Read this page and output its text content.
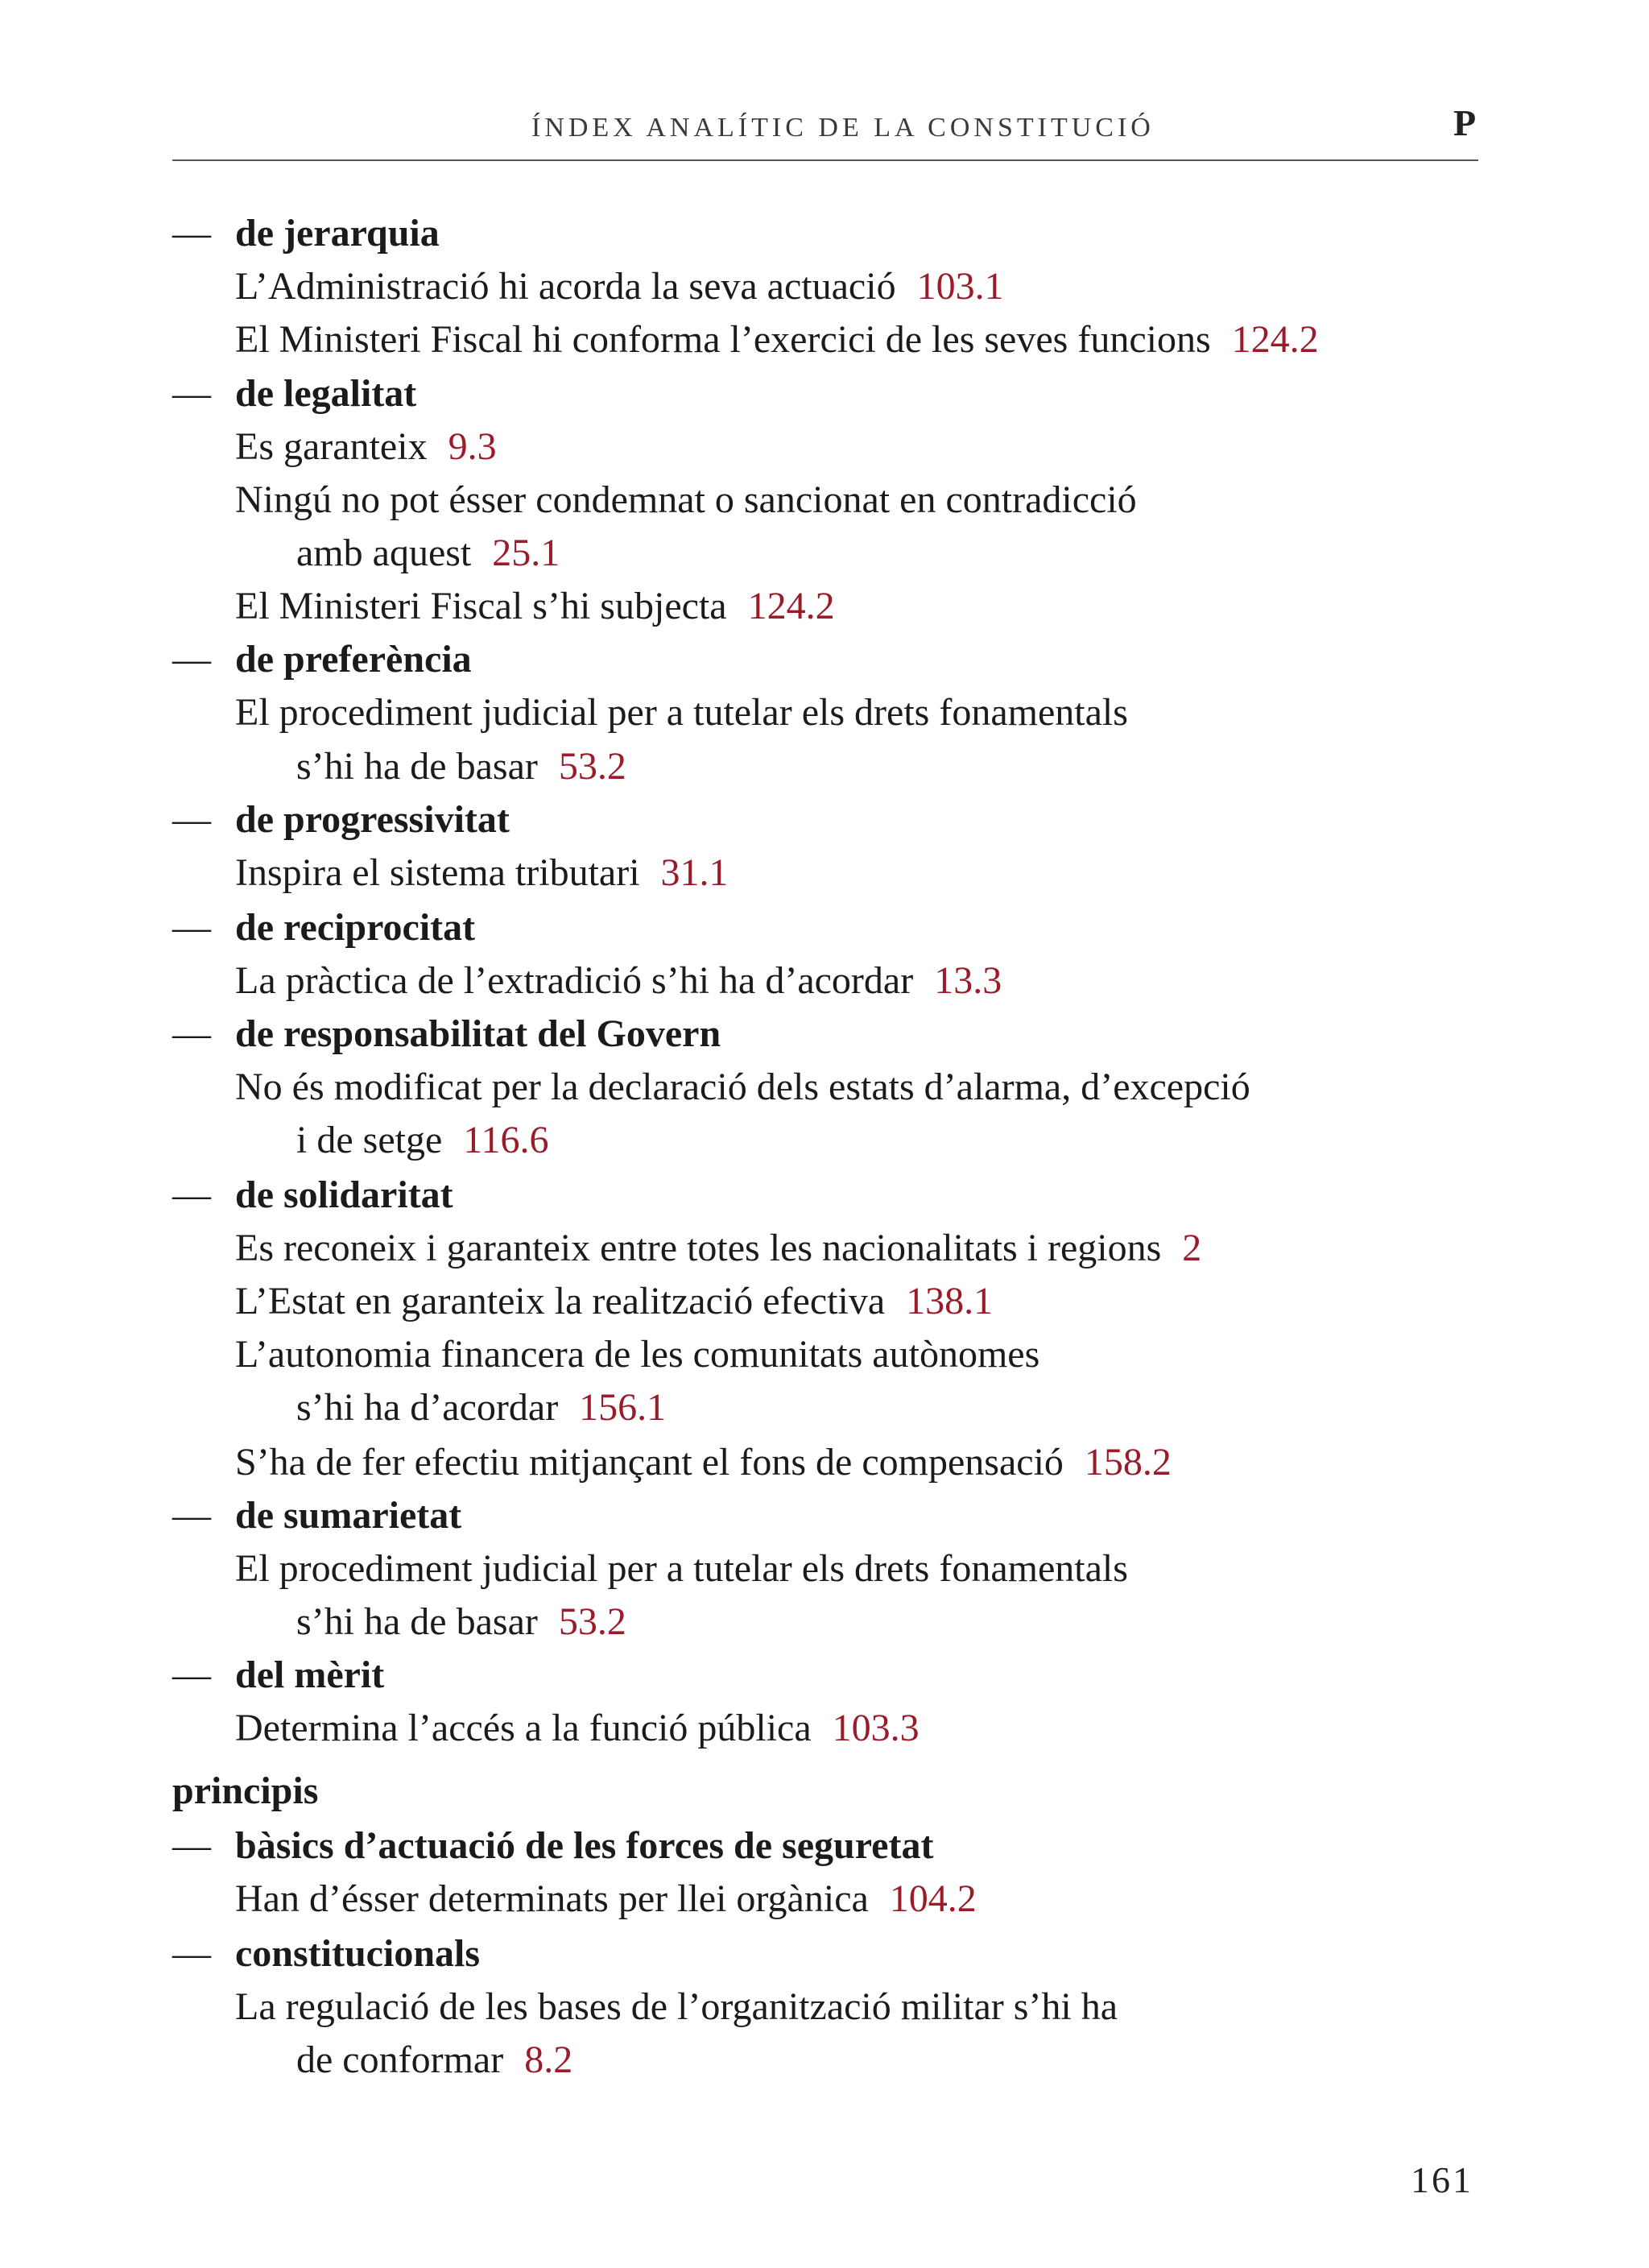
ÍNDEX ANALÍTIC DE LA CONSTITUCIÓ	P
— de jerarquia
L’Administració hi acorda la seva actuació 103.1
El Ministeri Fiscal hi conforma l’exercici de les seves funcions 124.2
— de legalitat
Es garanteix 9.3
Ningú no pot ésser condemnat o sancionat en contradicció
amb aquest 25.1
El Ministeri Fiscal s’hi subjecta 124.2
— de preferència
El procediment judicial per a tutelar els drets fonamentals
s’hi ha de basar 53.2
— de progressivitat
Inspira el sistema tributari 31.1
— de reciprocitat
La pràctica de l’extradició s’hi ha d’acordar 13.3
— de responsabilitat del Govern
No és modificat per la declaració dels estats d’alarma, d’excepció
i de setge 116.6
— de solidaritat
Es reconeix i garanteix entre totes les nacionalitats i regions 2
L’Estat en garanteix la realització efectiva 138.1
L’autonomia financera de les comunitats autònomes
s’hi ha d’acordar 156.1
S’ha de fer efectiu mitjançant el fons de compensació 158.2
— de sumarietat
El procediment judicial per a tutelar els drets fonamentals
s’hi ha de basar 53.2
— del mèrit
Determina l’accés a la funció pública 103.3
principis
— bàsics d’actuació de les forces de seguretat
Han d’ésser determinats per llei orgànica 104.2
— constitucionals
La regulació de les bases de l’organització militar s’hi ha
de conformar 8.2
161
